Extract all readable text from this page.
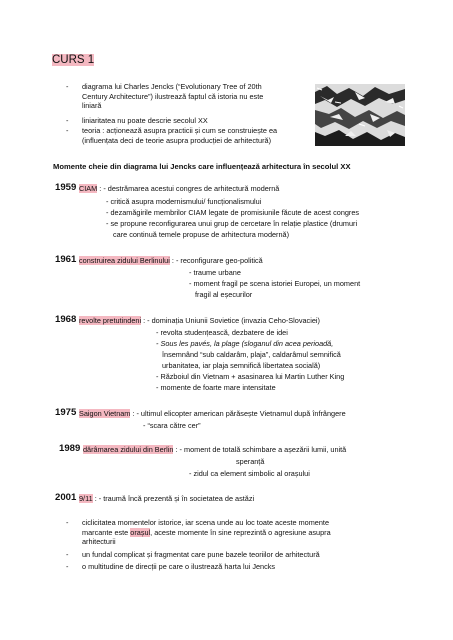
CURS 1
- diagrama lui Charles Jencks (“Evolutionary Tree of 20th
Century Architecture”) ilustrează faptul că istoria nu este
liniară
- liniaritatea nu poate descrie secolul XX
- teoria : acționează asupra practicii și cum se construiește ea
(influențata deci de teorie asupra producției de arhitectură)
Momente cheie din diagrama lui Jencks care influențează arhitectura în secolul XX
1959 CIAM : - destrămarea acestui congres de arhitectură modernă
- critică asupra modernismului/ funcționalismului
- dezamăgirile membrilor CIAM legate de promisiunile făcute de acest congres
- se propune reconfigurarea unui grup de cercetare în relație plastice (drumuri
care continuă temele propuse de arhitectura modernă)
1961 construirea zidului Berlinului : - reconfigurare geo-politică
- traume urbane
- moment fragil pe scena istoriei Europei, un moment
fragil al eșecurilor
1968 revolte pretutindeni : - dominația Uniunii Sovietice (invazia Ceho-Slovaciei)
- revolta studențească, dezbatere de idei
- Sous les pavés, la plage (sloganul din acea perioadă,
însemnând “sub caldarâm, plaja”, caldarâmul semnifică
urbanitatea, iar plaja semnifică libertatea socială)
- Războiul din Vietnam + asasinarea lui Martin Luther King
- momente de foarte mare intensitate
1975 Saigon Vietnam : - ultimul elicopter american părăsește Vietnamul după înfrângere
- “scara către cer”
1989 dărâmarea zidului din Berlin : - moment de totală schimbare a așezării lumii, unită
speranță
- zidul ca element simbolic al orașului
2001 9/11 : - traumă încă prezentă și în societatea de astăzi
- ciclicitatea momentelor istorice, iar scena unde au loc toate aceste momente
marcante este orașul, aceste momente în sine reprezintă o agresiune asupra
arhitecturii
- un fundal complicat și fragmentat care pune bazele teoriilor de arhitectură
- o multitudine de direcții pe care o ilustrează harta lui Jencks
